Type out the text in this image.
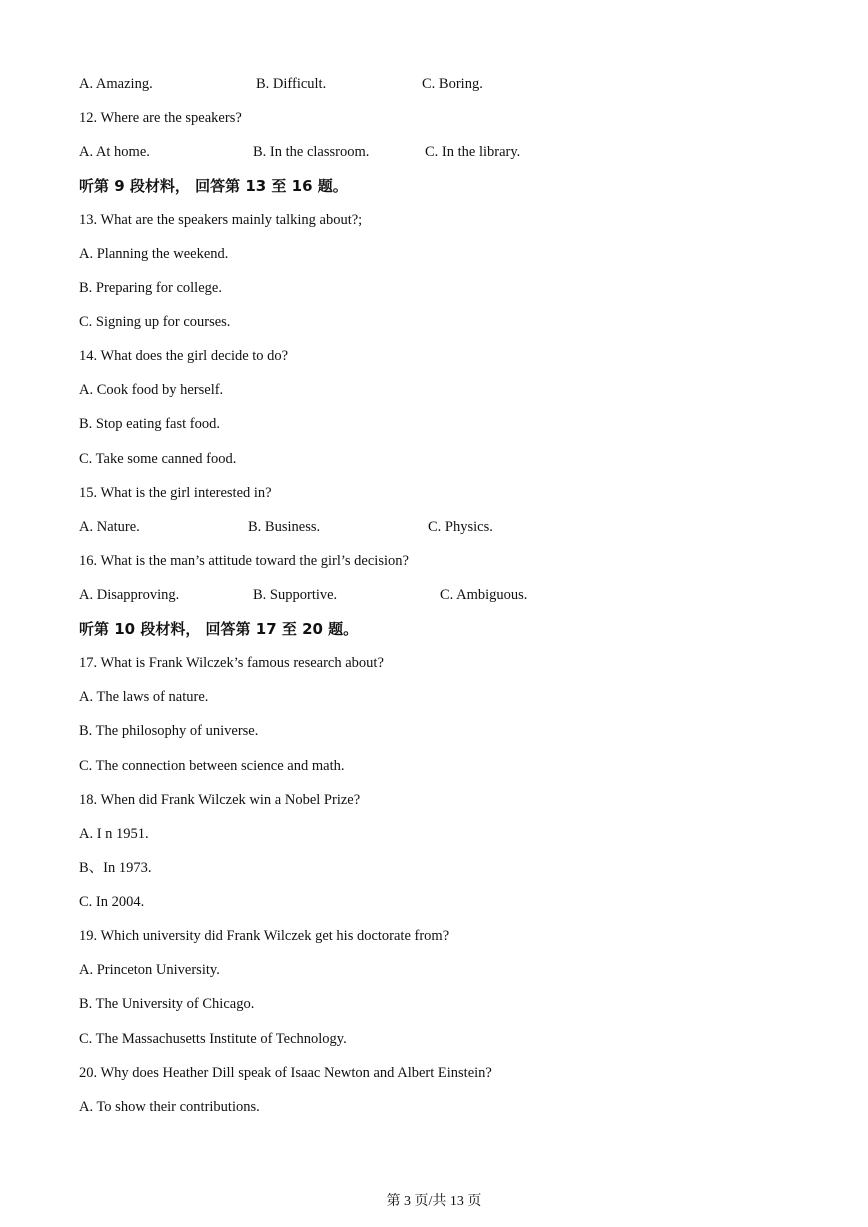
A. Amazing.	B. Difficult.	C. Boring.
12. Where are the speakers?
A. At home.	B. In the classroom.	C. In the library.
听第 9 段材料， 回答第 13 至 16 题。
13. What are the speakers mainly talking about?;
A. Planning the weekend.
B. Preparing for college.
C. Signing up for courses.
14. What does the girl decide to do?
A. Cook food by herself.
B. Stop eating fast food.
C. Take some canned food.
15. What is the girl interested in?
A. Nature.	B. Business.	C. Physics.
16. What is the man’s attitude toward the girl’s decision?
A. Disapproving.	B. Supportive.	C. Ambiguous.
听第 10 段材料， 回答第 17 至 20 题。
17. What is Frank Wilczek’s famous research about?
A. The laws of nature.
B. The philosophy of universe.
C. The connection between science and math.
18. When did Frank Wilczek win a Nobel Prize?
A. I n 1951.
B、In 1973.
C. In 2004.
19. Which university did Frank Wilczek get his doctorate from?
A. Princeton University.
B. The University of Chicago.
C. The Massachusetts Institute of Technology.
20. Why does Heather Dill speak of Isaac Newton and Albert Einstein?
A. To show their contributions.
第 3 页/共 13 页
